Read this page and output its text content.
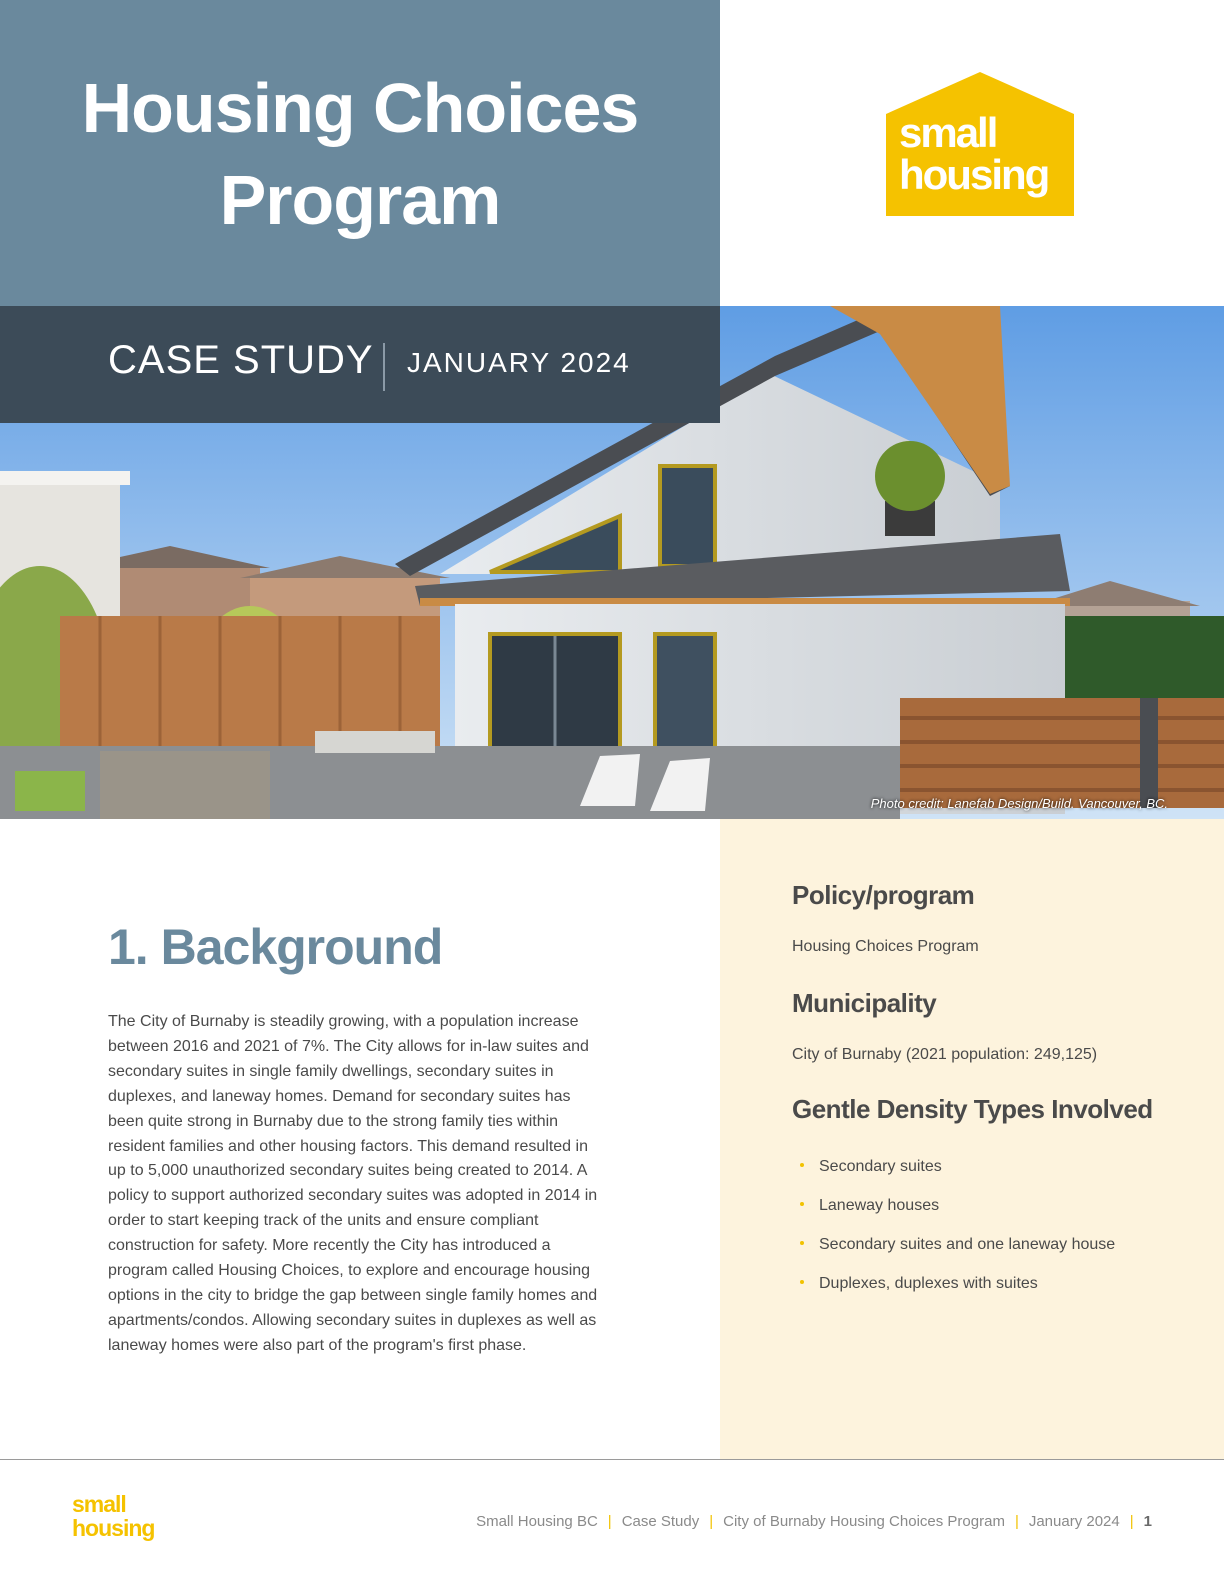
Housing Choices
Program
small
housing
CASE STUDY JANUARY 2024
Photo credit: Lanefab Design/Build. Vancouver, BC.
Policy/program
Housing Choices Program
Municipality
City of Burnaby (2021 population: 249,125)
Gentle Density Types Involved
Secondary suites
Laneway houses
Secondary suites and one laneway house
Duplexes, duplexes with suites
1. Background
The City of Burnaby is steadily growing, with a population increase between 2016 and 2021 of 7%. The City allows for in-law suites and secondary suites in single family dwellings, secondary suites in duplexes, and laneway homes. Demand for secondary suites has been quite strong in Burnaby due to the strong family ties within resident families and other housing factors. This demand resulted in up to 5,000 unauthorized secondary suites being created to 2014. A policy to support authorized secondary suites was adopted in 2014 in order to start keeping track of the units and ensure compliant construction for safety. More recently the City has introduced a program called Housing Choices, to explore and encourage housing options in the city to bridge the gap between single family homes and apartments/condos. Allowing secondary suites in duplexes as well as laneway homes were also part of the program's first phase.
small
housing	Small Housing BC | Case Study | City of Burnaby Housing Choices Program | January 2024 | 1
